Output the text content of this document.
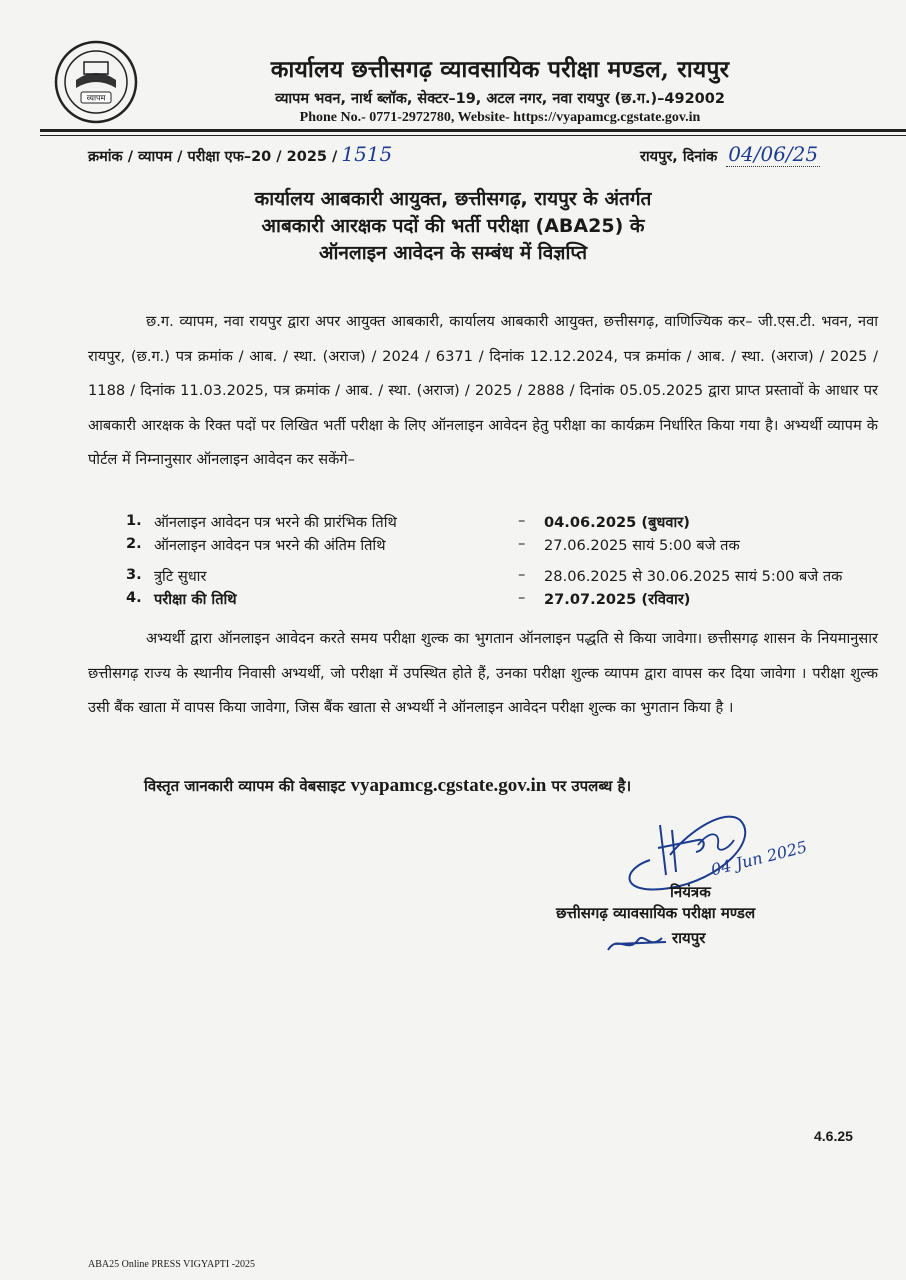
व्यापम
कार्यालय छत्तीसगढ़ व्यावसायिक परीक्षा मण्डल, रायपुर
व्यापम भवन, नार्थ ब्लॉक, सेक्टर–19, अटल नगर, नवा रायपुर (छ.ग.)–492002
Phone No.- 0771-2972780, Website- https://vyapamcg.cgstate.gov.in
क्रमांक / व्यापम / परीक्षा एफ–20 / 2025 / 1515	रायपुर, दिनांक 04/06/25
कार्यालय आबकारी आयुक्त, छत्तीसगढ़, रायपुर के अंतर्गत
आबकारी आरक्षक पदों की भर्ती परीक्षा (ABA25) के
ऑनलाइन आवेदन के सम्बंध में विज्ञप्ति
छ.ग. व्यापम, नवा रायपुर द्वारा अपर आयुक्त आबकारी, कार्यालय आबकारी आयुक्त, छत्तीसगढ़, वाणिज्यिक कर– जी.एस.टी. भवन, नवा रायपुर, (छ.ग.) पत्र क्रमांक / आब. / स्था. (अराज) / 2024 / 6371 / दिनांक 12.12.2024, पत्र क्रमांक / आब. / स्था. (अराज) / 2025 / 1188 / दिनांक 11.03.2025, पत्र क्रमांक / आब. / स्था. (अराज) / 2025 / 2888 / दिनांक 05.05.2025 द्वारा प्राप्त प्रस्तावों के आधार पर आबकारी आरक्षक के रिक्त पदों पर लिखित भर्ती परीक्षा के लिए ऑनलाइन आवेदन हेतु परीक्षा का कार्यक्रम निर्धारित किया गया है। अभ्यर्थी व्यापम के पोर्टल में निम्नानुसार ऑनलाइन आवेदन कर सकेंगे–
1. ऑनलाइन आवेदन पत्र भरने की प्रारंभिक तिथि	– 04.06.2025 (बुधवार)
2. ऑनलाइन आवेदन पत्र भरने की अंतिम तिथि	– 27.06.2025 सायं 5:00 बजे तक
3. त्रुटि सुधार	– 28.06.2025 से 30.06.2025 सायं 5:00 बजे तक
4. परीक्षा की तिथि	– 27.07.2025 (रविवार)
अभ्यर्थी द्वारा ऑनलाइन आवेदन करते समय परीक्षा शुल्क का भुगतान ऑनलाइन पद्धति से किया जावेगा। छत्तीसगढ़ शासन के नियमानुसार छत्तीसगढ़ राज्य के स्थानीय निवासी अभ्यर्थी, जो परीक्षा में उपस्थित होते हैं, उनका परीक्षा शुल्क व्यापम द्वारा वापस कर दिया जावेगा । परीक्षा शुल्क उसी बैंक खाता में वापस किया जावेगा, जिस बैंक खाता से अभ्यर्थी ने ऑनलाइन आवेदन परीक्षा शुल्क का भुगतान किया है ।
विस्तृत जानकारी व्यापम की वेबसाइट vyapamcg.cgstate.gov.in पर उपलब्ध है।
04 Jun 2025
नियंत्रक
छत्तीसगढ़ व्यावसायिक परीक्षा मण्डल
रायपुर
4.6.25
ABA25 Online PRESS VIGYAPTI -2025
